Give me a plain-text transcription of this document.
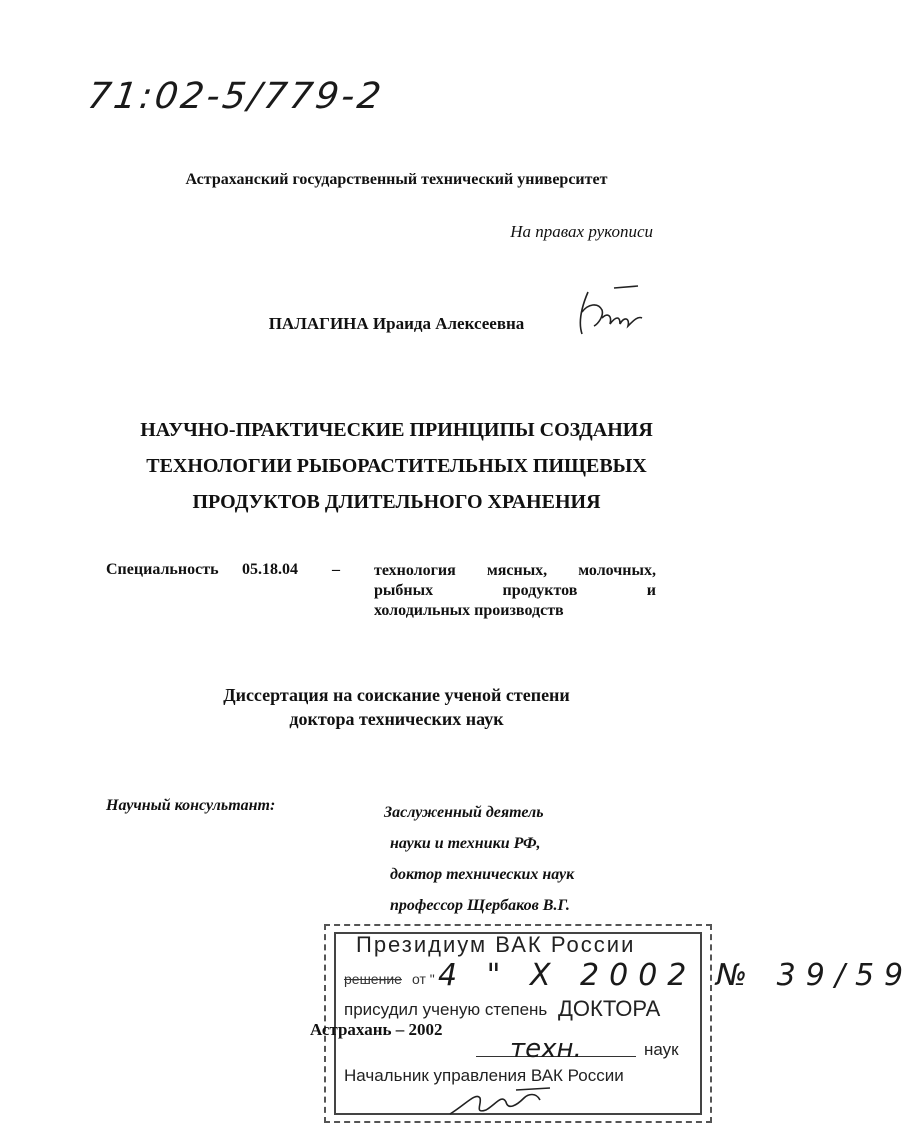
71:02-5/779-2
Астраханский государственный технический университет
На правах рукописи
ПАЛАГИНА Ираида Алексеевна
НАУЧНО-ПРАКТИЧЕСКИЕ ПРИНЦИПЫ СОЗДАНИЯ
ТЕХНОЛОГИИ РЫБОРАСТИТЕЛЬНЫХ ПИЩЕВЫХ
ПРОДУКТОВ ДЛИТЕЛЬНОГО ХРАНЕНИЯ
Специальность 05.18.04 – технология мясных, молочных,
рыбных продуктов и
холодильных производств
Диссертация на соискание ученой степени
доктора технических наук
Научный консультант:	Заслуженный деятель
науки и техники РФ,
доктор технических наук
профессор Щербаков В.Г.
Президиум ВАК России
решение от " 4 " X 2002 № 39/59
присудил ученую степень ДОКТОРА
техн.	наук
Начальник управления ВАК России
Астрахань – 2002
